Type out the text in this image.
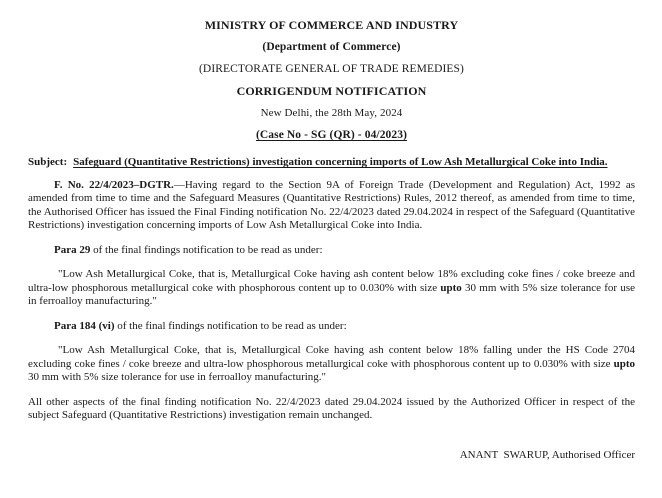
MINISTRY OF COMMERCE AND INDUSTRY
(Department of Commerce)
(DIRECTORATE GENERAL OF TRADE REMEDIES)
CORRIGENDUM NOTIFICATION
New Delhi, the 28th May, 2024
(Case No - SG (QR) - 04/2023)

Subject: Safeguard (Quantitative Restrictions) investigation concerning imports of Low Ash Metallurgical Coke into India.

F. No. 22/4/2023–DGTR.—Having regard to the Section 9A of Foreign Trade (Development and Regulation) Act, 1992 as amended from time to time and the Safeguard Measures (Quantitative Restrictions) Rules, 2012 thereof, as amended from time to time, the Authorised Officer has issued the Final Finding notification No. 22/4/2023 dated 29.04.2024 in respect of the Safeguard (Quantitative Restrictions) investigation concerning imports of Low Ash Metallurgical Coke into India.

Para 29 of the final findings notification to be read as under:

"Low Ash Metallurgical Coke, that is, Metallurgical Coke having ash content below 18% excluding coke fines / coke breeze and ultra-low phosphorous metallurgical coke with phosphorous content up to 0.030% with size upto 30 mm with 5% size tolerance for use in ferroalloy manufacturing."

Para 184 (vi) of the final findings notification to be read as under:

"Low Ash Metallurgical Coke, that is, Metallurgical Coke having ash content below 18% falling under the HS Code 2704 excluding coke fines / coke breeze and ultra-low phosphorous metallurgical coke with phosphorous content up to 0.030% with size upto 30 mm with 5% size tolerance for use in ferroalloy manufacturing."

All other aspects of the final finding notification No. 22/4/2023 dated 29.04.2024 issued by the Authorized Officer in respect of the subject Safeguard (Quantitative Restrictions) investigation remain unchanged.

ANANT  SWARUP, Authorised Officer
